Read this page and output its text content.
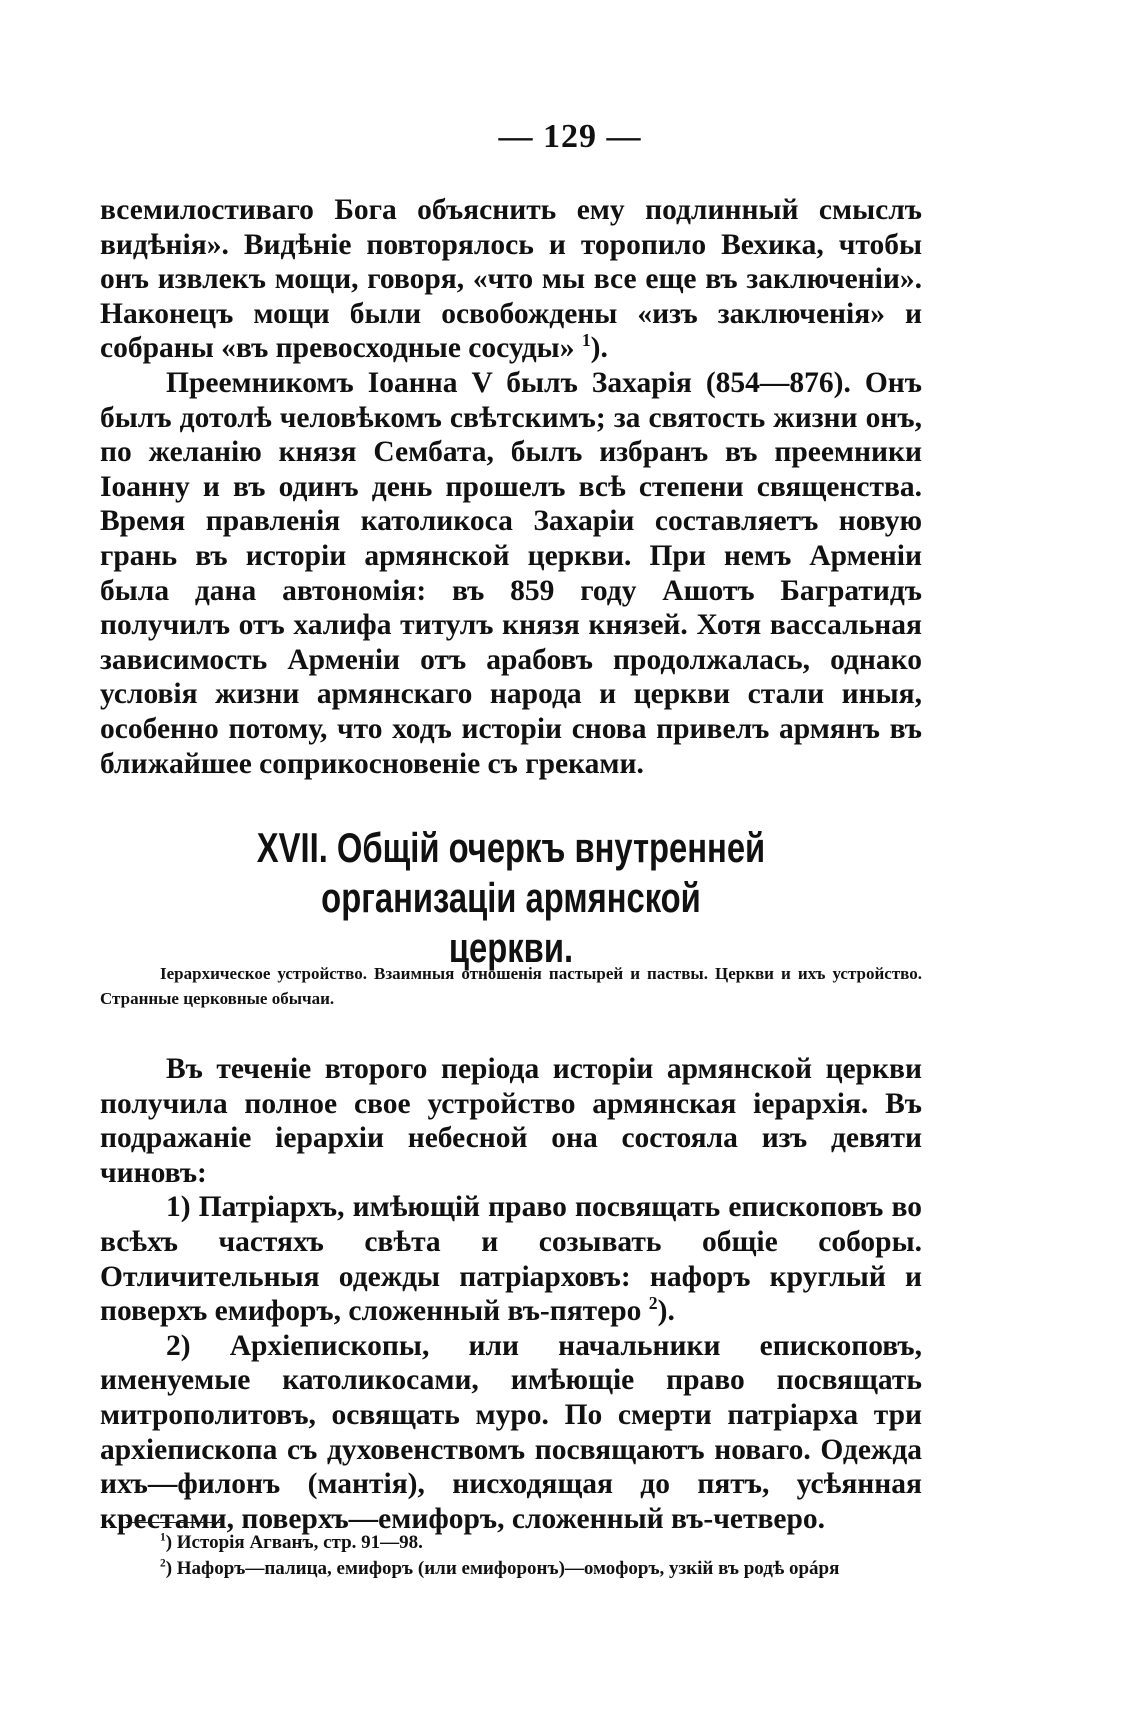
— 129 —

всемилостиваго Бога объяснить ему подлинный смыслъ видѣнія». Видѣніе повторялось и торопило Вехика, чтобы онъ извлекъ мощи, говоря, «что мы все еще въ заключеніи». Наконецъ мощи были освобождены «изъ заключенія» и собраны «въ превосходные сосуды» $^1$).

Преемникомъ Іоанна V былъ Захарія (854—876). Онъ былъ дотолѣ человѣкомъ свѣтскимъ; за святость жизни онъ, по желанію князя Сембата, былъ избранъ въ преемники Іоанну и въ одинъ день прошелъ всѣ степени священства. Время правленія католикоса Захаріи составляетъ новую грань въ исторіи армянской церкви. При немъ Арменіи была дана автономія: въ 859 году Ашотъ Багратидъ получилъ отъ халифа титулъ князя князей. Хотя вассальная зависимость Арменіи отъ арабовъ продолжалась, однако условія жизни армянскаго народа и церкви стали иныя, особенно потому, что ходъ исторіи снова привелъ армянъ въ ближайшее соприкосновеніе съ греками.

XVII. Общій очеркъ внутренней организаціи армянской
церкви.

Іерархическое устройство. Взаимныя отношенія пастырей и паствы. Церкви и ихъ устройство. Странные церковные обычаи.

Въ теченіе второго періода исторіи армянской церкви получила полное свое устройство армянская іерархія. Въ подражаніе іерархіи небесной она состояла изъ девяти чиновъ:

1) Патріархъ, имѣющій право посвящать епископовъ во всѣхъ частяхъ свѣта и созывать общіе соборы. Отличительныя одежды патріарховъ: нафоръ круглый и поверхъ емифоръ, сложенный въ-пятеро $^2$).

2) Архіепископы, или начальники епископовъ, именуемые католикосами, имѣющіе право посвящать митрополитовъ, освящать муро. По смерти патріарха три архіепископа съ духовенствомъ посвящаютъ новаго. Одежда ихъ—филонъ (мантія), нисходящая до пятъ, усѣянная крестами, поверхъ—емифоръ, сложенный въ-четверо.

$^1$) Исторія Агванъ, стр. 91—98.

$^2$) Нафоръ—палица, емифоръ (или емифоронъ)—омофоръ, узкій въ родѣ орáря
